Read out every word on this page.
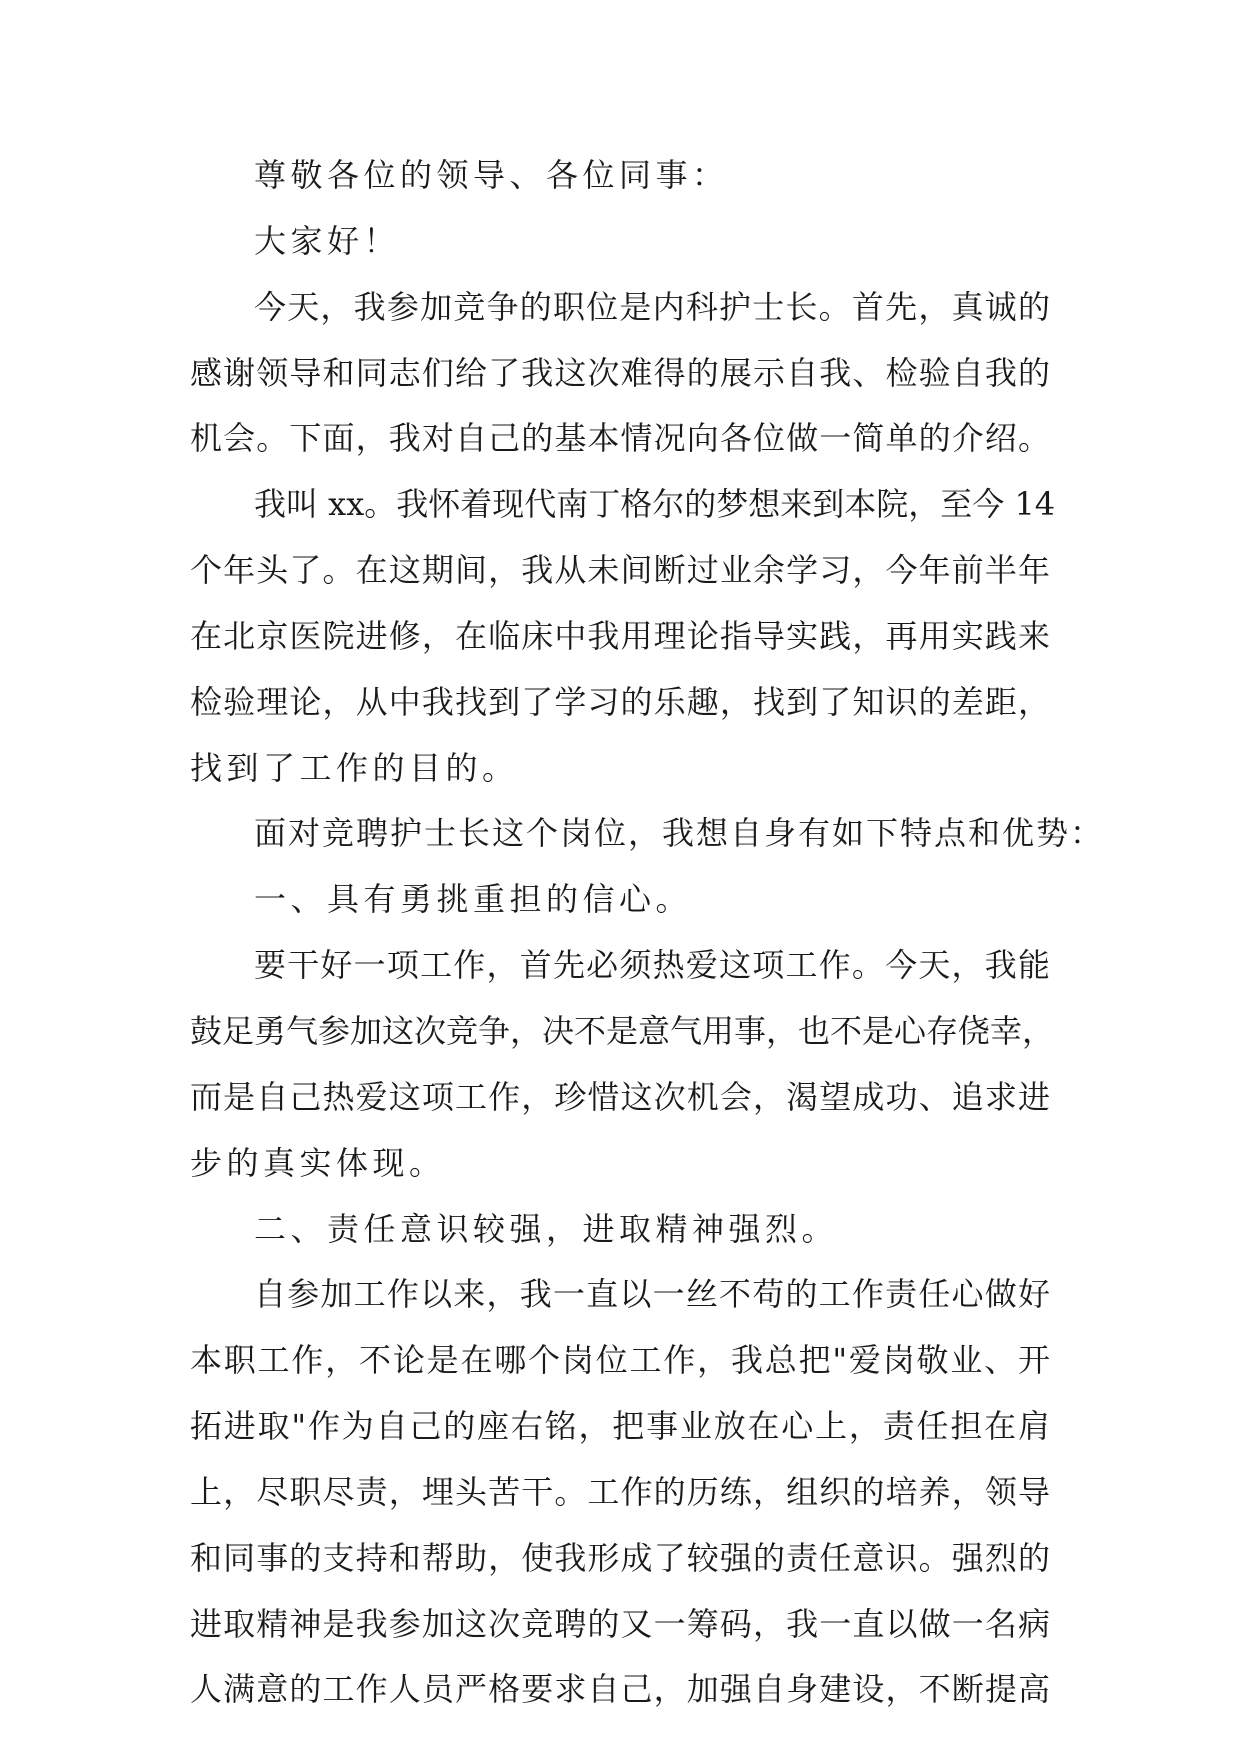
尊敬各位的领导、各位同事：
大家好！
今天，我参加竞争的职位是内科护士长。首先，真诚的
感谢领导和同志们给了我这次难得的展示自我、检验自我的
机会。下面，我对自己的基本情况向各位做一简单的介绍。
我叫 xx。我怀着现代南丁格尔的梦想来到本院，至今 14
个年头了。在这期间，我从未间断过业余学习，今年前半年
在北京医院进修，在临床中我用理论指导实践，再用实践来
检验理论，从中我找到了学习的乐趣，找到了知识的差距，
找到了工作的目的。
面对竞聘护士长这个岗位，我想自身有如下特点和优势：
一、具有勇挑重担的信心。
要干好一项工作，首先必须热爱这项工作。今天，我能
鼓足勇气参加这次竞争，决不是意气用事，也不是心存侥幸，
而是自己热爱这项工作，珍惜这次机会，渴望成功、追求进
步的真实体现。
二、责任意识较强，进取精神强烈。
自参加工作以来，我一直以一丝不苟的工作责任心做好
本职工作，不论是在哪个岗位工作，我总把"爱岗敬业、开
拓进取"作为自己的座右铭，把事业放在心上，责任担在肩
上，尽职尽责，埋头苦干。工作的历练，组织的培养，领导
和同事的支持和帮助，使我形成了较强的责任意识。强烈的
进取精神是我参加这次竞聘的又一筹码，我一直以做一名病
人满意的工作人员严格要求自己，加强自身建设，不断提高
